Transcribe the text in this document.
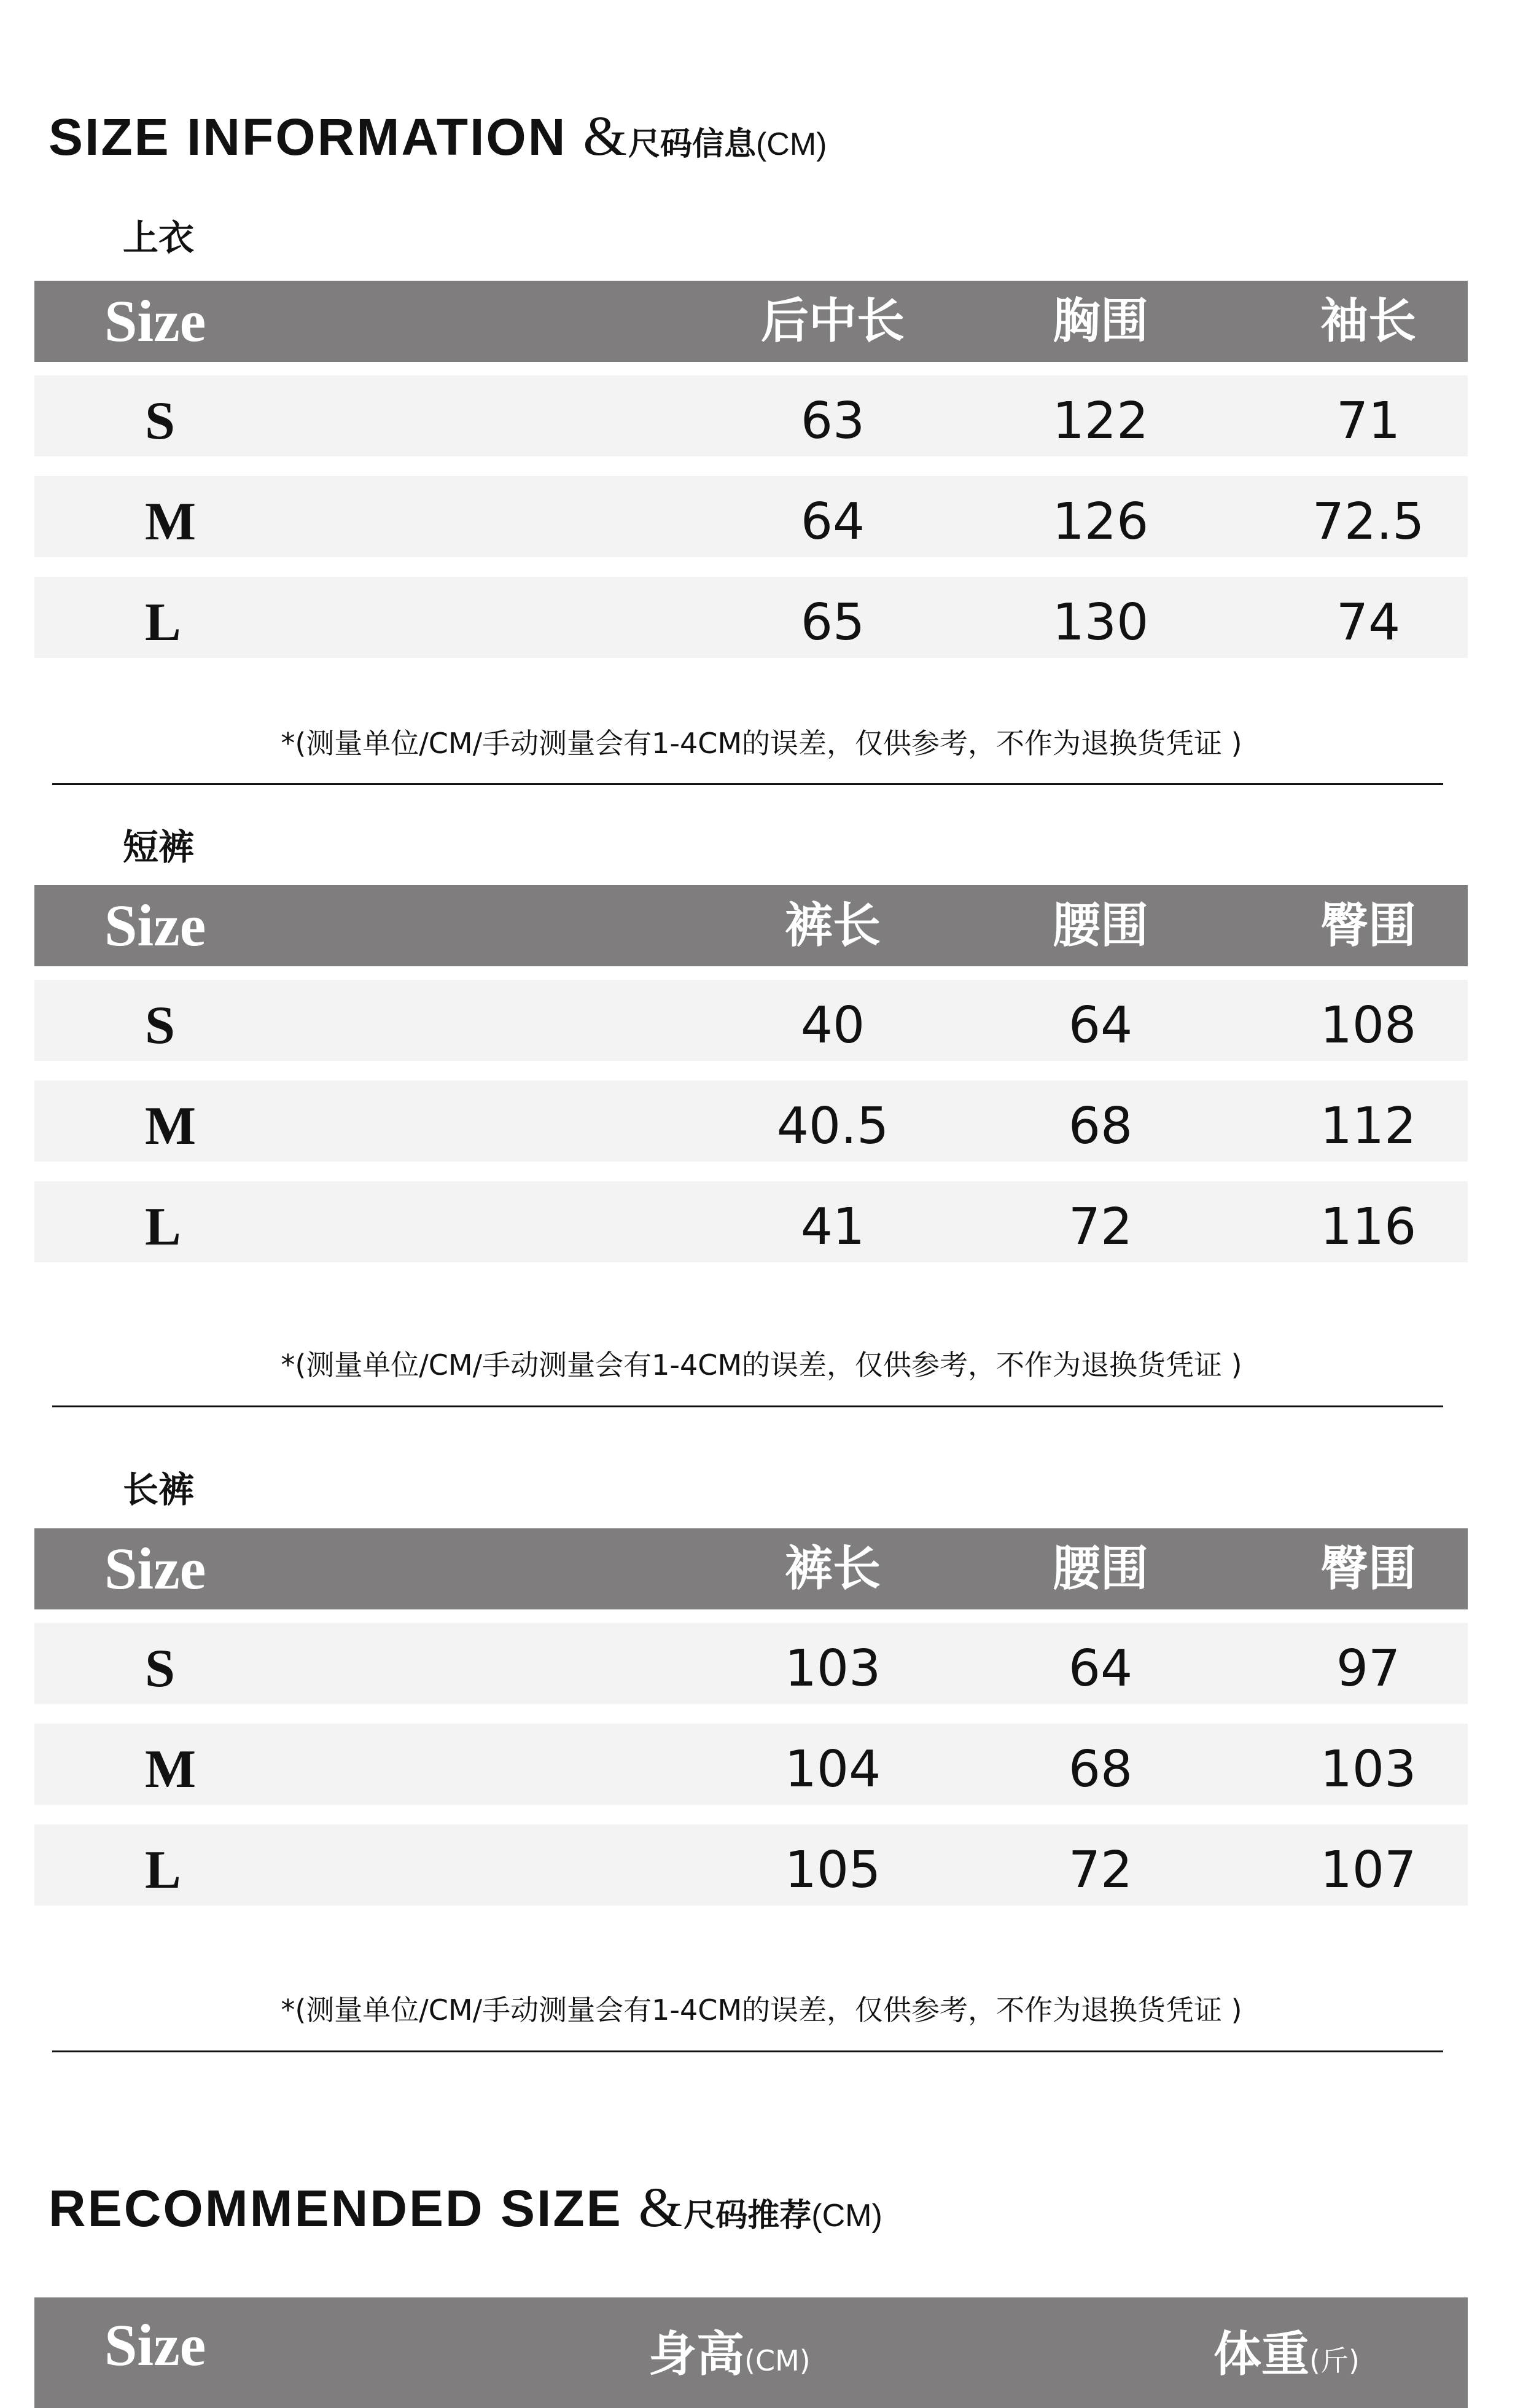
SIZE INFORMATION & 尺码信息 (CM)
上衣
Size	后中长	胸围	袖长
S	63	122	71
M	64	126	72.5
L	65	130	74
*(测量单位/CM/手动测量会有1-4CM的误差，仅供参考，不作为退换货凭证 )
短裤
Size	裤长	腰围	臀围
S	40	64	108
M	40.5	68	112
L	41	72	116
*(测量单位/CM/手动测量会有1-4CM的误差，仅供参考，不作为退换货凭证 )
长裤
Size	裤长	腰围	臀围
S	103	64	97
M	104	68	103
L	105	72	107
*(测量单位/CM/手动测量会有1-4CM的误差，仅供参考，不作为退换货凭证 )
RECOMMENDED SIZE & 尺码推荐 (CM)
Size	身高(CM)	体重(斤)
